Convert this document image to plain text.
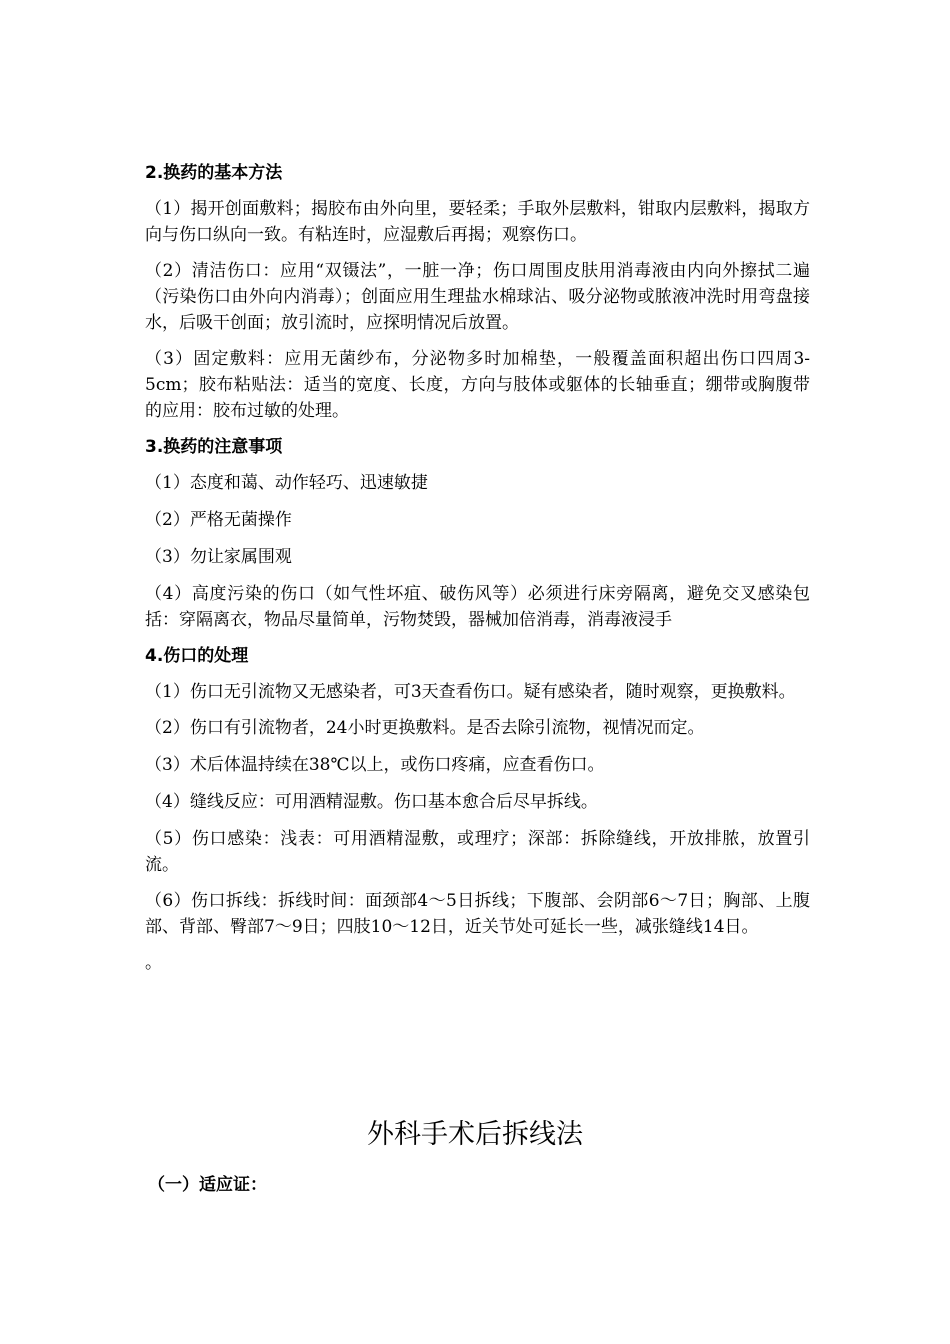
2.换药的基本方法
（1）揭开创面敷料；揭胶布由外向里，要轻柔；手取外层敷料，钳取内层敷料，揭取方向与伤口纵向一致。有粘连时，应湿敷后再揭；观察伤口。
（2）清洁伤口：应用“双镊法”，一脏一净；伤口周围皮肤用消毒液由内向外擦拭二遍（污染伤口由外向内消毒）；创面应用生理盐水棉球沾、吸分泌物或脓液冲洗时用弯盘接水，后吸干创面；放引流时，应探明情况后放置。
（3）固定敷料：应用无菌纱布，分泌物多时加棉垫，一般覆盖面积超出伤口四周3-5cm；胶布粘贴法：适当的宽度、长度，方向与肢体或躯体的长轴垂直；绷带或胸腹带的应用：胶布过敏的处理。
3.换药的注意事项
（1）态度和蔼、动作轻巧、迅速敏捷
（2）严格无菌操作
（3）勿让家属围观
（4）高度污染的伤口（如气性坏疽、破伤风等）必须进行床旁隔离，避免交叉感染包括：穿隔离衣，物品尽量简单，污物焚毁，器械加倍消毒，消毒液浸手
4.伤口的处理
（1）伤口无引流物又无感染者，可3天查看伤口。疑有感染者，随时观察，更换敷料。
（2）伤口有引流物者，24小时更换敷料。是否去除引流物，视情况而定。
（3）术后体温持续在38℃以上，或伤口疼痛，应查看伤口。
（4）缝线反应：可用酒精湿敷。伤口基本愈合后尽早拆线。
（5）伤口感染：浅表：可用酒精湿敷，或理疗；深部：拆除缝线，开放排脓，放置引流。
（6）伤口拆线：拆线时间：面颈部4～5日拆线；下腹部、会阴部6～7日；胸部、上腹部、背部、臀部7～9日；四肢10～12日，近关节处可延长一些，减张缝线14日。
。
外科手术后拆线法
（一）适应证：
